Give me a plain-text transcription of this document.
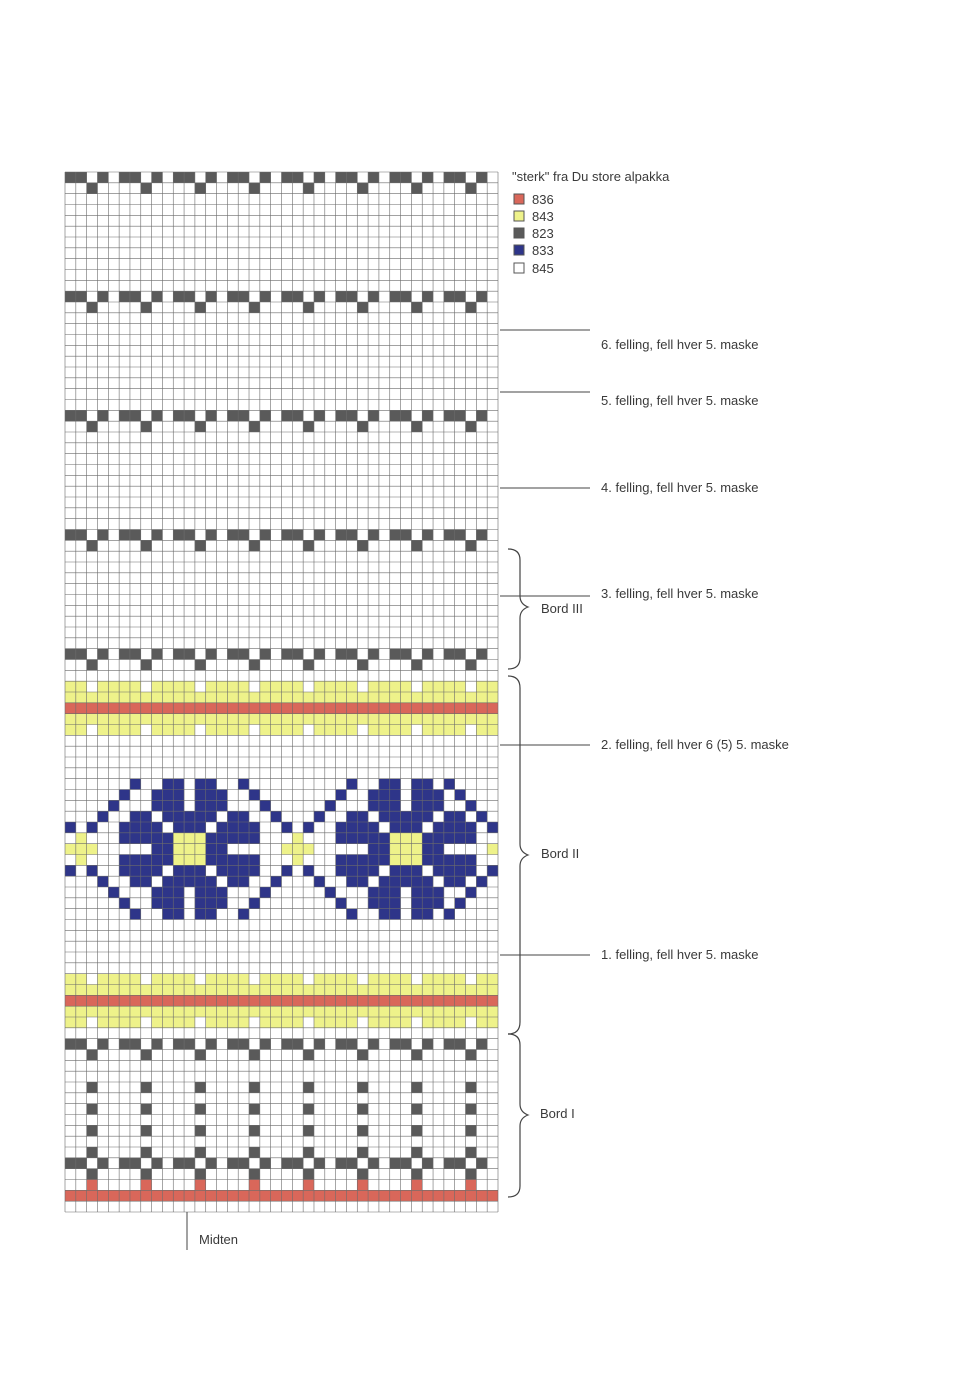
"sterk" fra Du store alpakka
836
843
823
833
845
6. felling, fell hver 5. maske
5. felling, fell hver 5. maske
4. felling, fell hver 5. maske
3. felling, fell hver 5. maske
2. felling, fell hver 6 (5) 5. maske
1. felling, fell hver 5. maske
Bord III
Bord II
Bord I
Midten
